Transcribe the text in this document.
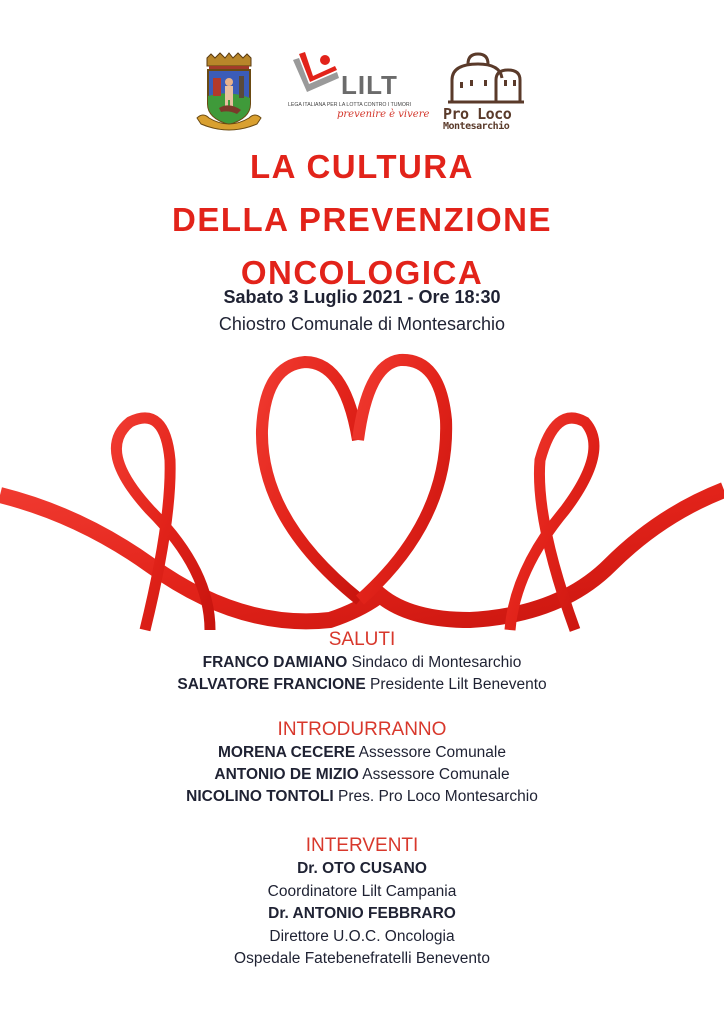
LILT
LEGA ITALIANA PER LA LOTTA CONTRO I TUMORI
prevenire è vivere Pro Loco
Montesarchio
LA CULTURA
DELLA PREVENZIONE
ONCOLOGICA
Sabato 3 Luglio 2021 - Ore 18:30
Chiostro Comunale di Montesarchio
SALUTI
FRANCO DAMIANO Sindaco di Montesarchio
SALVATORE FRANCIONE Presidente Lilt Benevento
INTRODURRANNO
MORENA CECERE Assessore Comunale
ANTONIO DE MIZIO Assessore Comunale
NICOLINO TONTOLI Pres. Pro Loco Montesarchio
INTERVENTI
Dr. OTO CUSANO
Coordinatore Lilt Campania
Dr. ANTONIO FEBBRARO
Direttore U.O.C. Oncologia
Ospedale Fatebenefratelli Benevento
